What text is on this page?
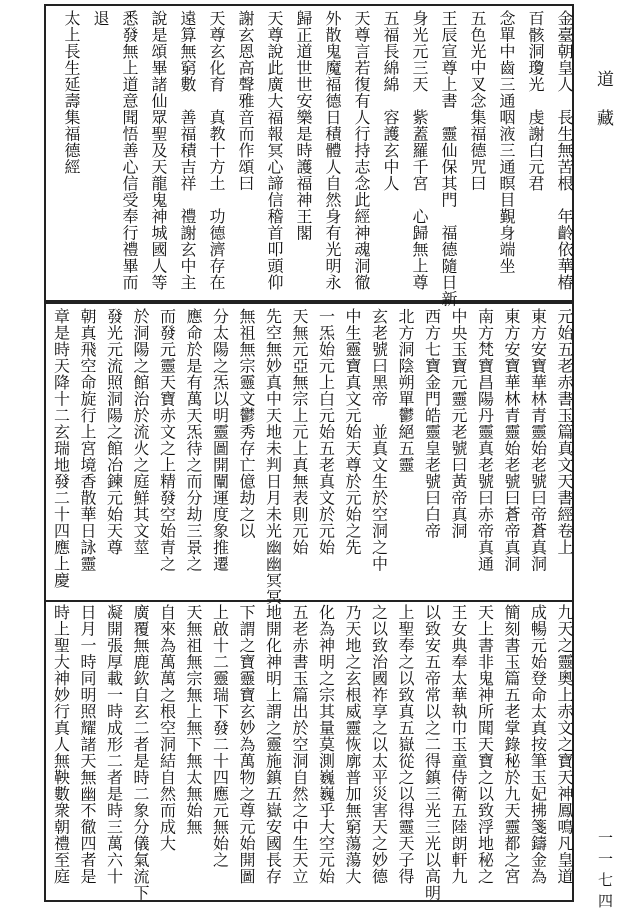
道藏
一一七四
金臺朝皇人　長生無苦根　年齡依華椿
百骸洞瓊光　虔謝白元君
念單中齒三通咽液三通瞑目覲身端坐
五色光中叉念集福德咒曰
王辰宣尊上書　靈仙保其門　福德隨日新
身光元三天　紫蓋羅千宮　心歸無上尊
五福長綿綿　容護玄中人
天尊言若復有人行持志念此經神魂洞徹
外散鬼魔福德日積體人自然身有光明永
歸正道世世安樂是時護福神王閣
天尊說此廣大福報冥心諦信稽首叩頭仰
謝玄恩高聲雅音而作頌曰
天尊玄化育　真教十方土　功德濟存在
遠算無窮數　善福積吉祥　禮謝玄中主
說是頌畢諸仙眾聖及天龍鬼神城國人等
悉發無上道意聞悟善心信受奉行禮畢而
退
太上長生延壽集福德經
元始五老赤書玉篇真文天書經卷上
東方安寶華林青靈始老號曰帝蒼真洞
東方安寶華林青靈始老號曰蒼帝真洞
南方梵寶昌陽丹靈真老號曰赤帝真通
中央玉寶元靈元老號曰黃帝真洞
西方七寶金門皓靈皇老號曰白帝
北方洞陰朔單鬱絕五靈
玄老號曰黑帝　並真文生於空洞之中
中生靈寶真文元始天尊於元始之先
一炁始元上白元始五老真文於元始
天無元亞無宗上元上真無表則元始
先空無妙真中天地未判日月未光幽幽冥冥
無祖無宗靈文鬱秀存亡億劫之以
分太陽之炁以明靈圖開闡運度象推遷
應命於是有萬天炁待之而分劫三景之
而發元靈天寶赤文之上精發空始青之
於洞陽之館治於流火之庭鮮其文莖
發光元流照洞陽之館冶鍊元始天尊
朝真飛空命旋行上宮境香散華日詠靈
章是時天降十二玄瑞地發二十四應上慶
九天之靈奧上赤文之寶天神鳳鳴凡皇道
成暢元始登命太真按筆玉妃拂箋鑄金為
簡刻書玉篇五老掌錄秘於九天靈都之宮
天上書非鬼神所聞天寶之以致浮地秘之
王女典奉太華執巾玉童侍衛五陸朗軒九
以致安五帝常以之二得鎮三光三光以高明
上聖奉之以致真五嶽從之以得靈天子得
之以致治國祚享之以太平災害天之妙德
乃天地之玄根威靈恢廓普加無窮蕩蕩大
化為神明之宗其量莫測巍巍乎大空元始
五老赤書玉篇出於空洞自然之中生天立
地開化神明上謂之靈施鎮五嶽安國長存
下謂之寶靈寶玄妙為萬物之尊元始開圖
上啟十二靈瑞下發二十四應元無始之
天無祖無宗無上無下無太無始無
自來為萬萬之根空洞結自然而成大
廣覆無鹿欽自玄二者是時二象分儀氣流下
凝開張厚載一時成形二者是時三萬六十
日月一時同明照耀諸天無幽不徹四者是
時上聖大神妙行真人無鞅數衆朝禮至庭
